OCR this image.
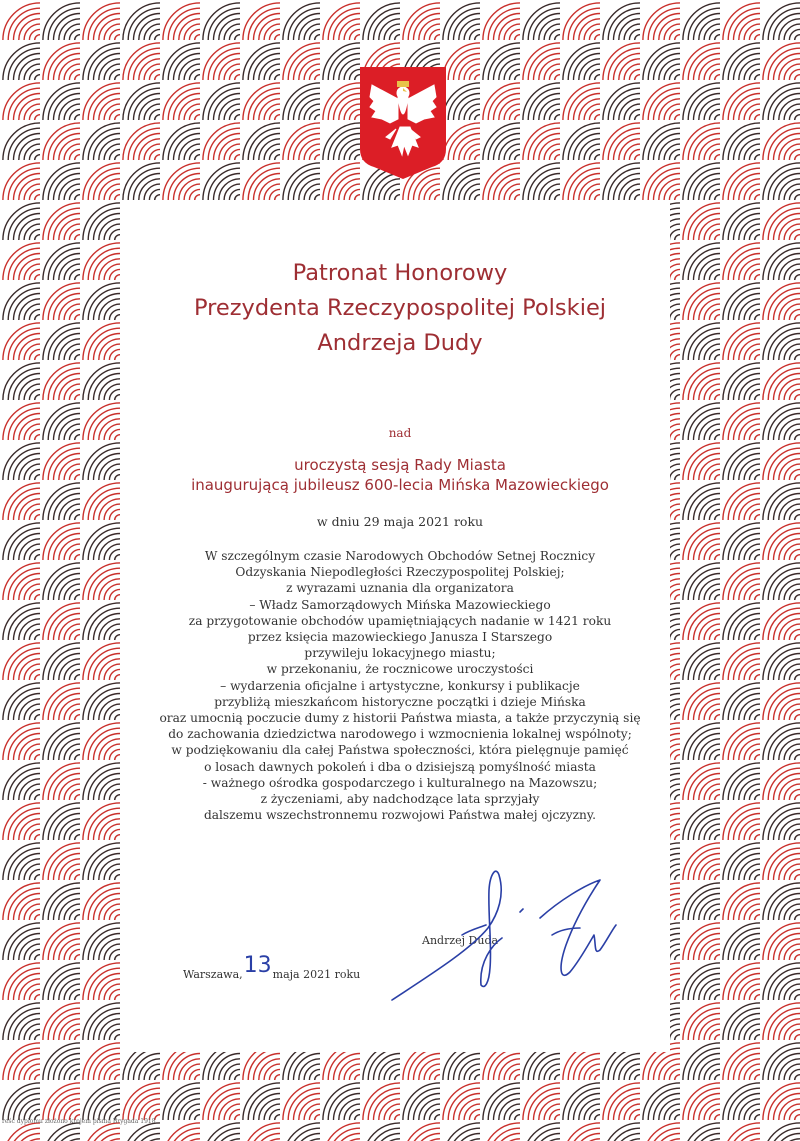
Patronat Honorowy
Prezydenta Rzeczypospolitej Polskiej
Andrzeja Dudy

nad

uroczystą sesją Rady Miasta
inaugurującą jubileusz 600-lecia Mińska Mazowieckiego

w dniu 29 maja 2021 roku

W szczególnym czasie Narodowych Obchodów Setnej Rocznicy
Odzyskania Niepodległości Rzeczypospolitej Polskiej;
z wyrazami uznania dla organizatora
– Władz Samorządowych Mińska Mazowieckiego
za przygotowanie obchodów upamiętniających nadanie w 1421 roku
przez księcia mazowieckiego Janusza I Starszego
przywileju lokacyjnego miastu;
w przekonaniu, że rocznicowe uroczystości
– wydarzenia oficjalne i artystyczne, konkursy i publikacje
przybliżą mieszkańcom historyczne początki i dzieje Mińska
oraz umocnią poczucie dumy z historii Państwa miasta, a także przyczynią się
do zachowania dziedzictwa narodowego i wzmocnienia lokalnej wspólnoty;
w podziękowaniu dla całej Państwa społeczności, która pielęgnuje pamięć
o losach dawnych pokoleń i dba o dzisiejszą pomyślność miasta
- ważnego ośrodka gospodarczego i kulturalnego na Mazowszu;
z życzeniami, aby nadchodzące lata sprzyjały
dalszemu wszechstronnemu rozwojowi Państwa małej ojczyzny.
Andrzej Duda
Warszawa,13maja 2021 roku
reść dyplomu złożono krojem pisma Brygada 1918
